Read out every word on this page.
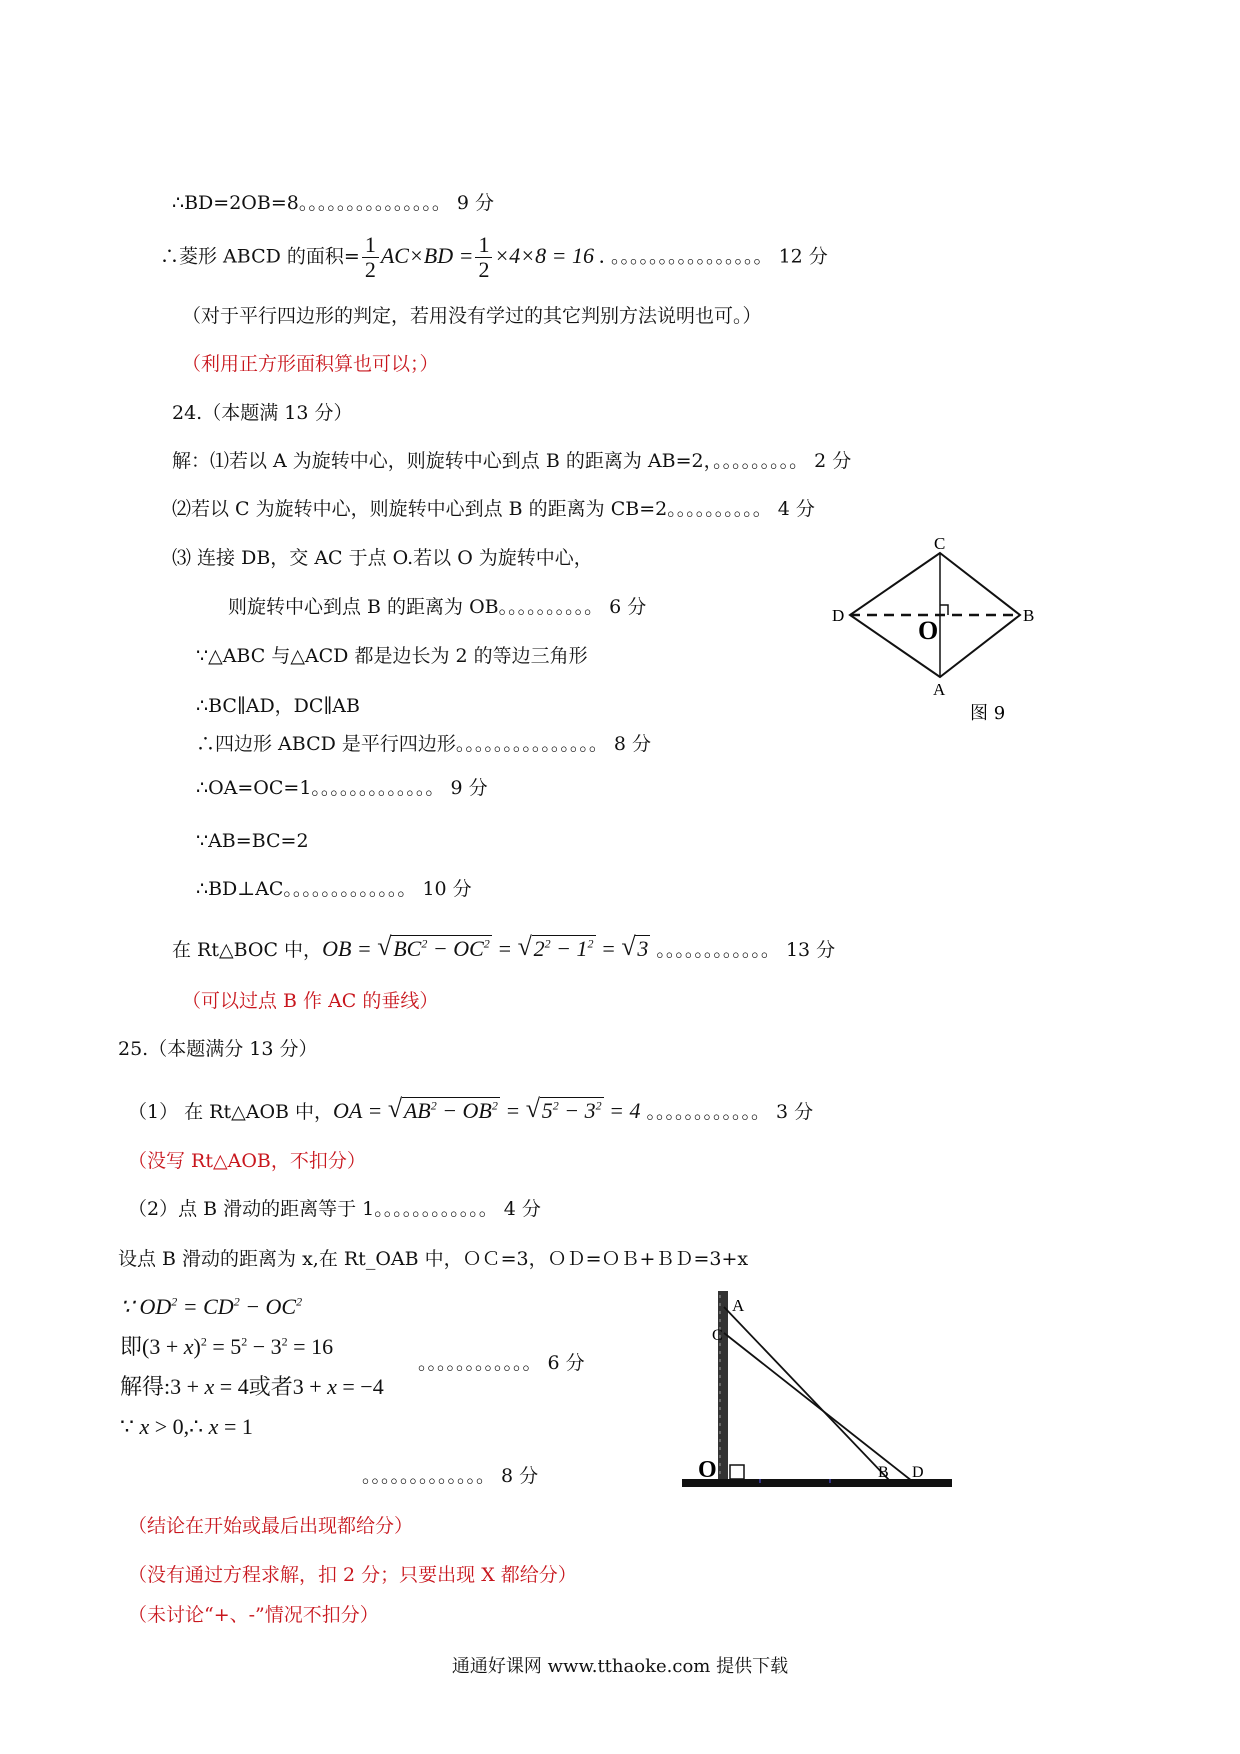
∴BD=2OB=8。。。。。。。。。。。。。。。 9 分
∴菱形 ABCD 的面积= $\frac{1}{2} AC\times BD = \frac{1}{2} \times 4\times 8 = 16$ . 。。。。。。。。。。。。。。。。 12 分
（对于平行四边形的判定，若用没有学过的其它判别方法说明也可。）
（利用正方形面积算也可以；）
24.（本题满 13 分）
解：⑴若以 A 为旋转中心，则旋转中心到点 B 的距离为 AB=2，。。。。。。。。。 2 分
⑵若以 C 为旋转中心，则旋转中心到点 B 的距离为 CB=2。。。。。。。。。。 4 分
⑶ 连接 DB，交 AC 于点 O.若以 O 为旋转中心，
则旋转中心到点 B 的距离为 OB。。。。。。。。。。 6 分
∵△ABC 与△ACD 都是边长为 2 的等边三角形
∴BC∥AD，DC∥AB
∴四边形 ABCD 是平行四边形。。。。。。。。。。。。。。。 8 分
∴OA=OC=1。。。。。。。。。。。。。 9 分
∵AB=BC=2
∴BD⊥AC。。。。。。。。。。。。。 10 分
在 Rt△BOC 中，OB = √ $BC^2 - OC^2$ = √ $2^2 - 1^2$ = √ 3 。。。。。。。。。。。。 13 分
（可以过点 B 作 AC 的垂线）
25.（本题满分 13 分）
（1） 在 Rt△AOB 中，OA = √ $AB^2 - OB^2$ = √ $5^2 - 3^2 = 4$ 。。。。。。。。。。。。 3 分
（没写 Rt△AOB，不扣分）
（2）点 B 滑动的距离等于 1。。。。。。。。。。。。 4 分
设点 B 滑动的距离为 x,在 Rt_OAB 中，ＯＣ=3，ＯＤ=ＯＢ+ＢＤ=3+x
∵ $OD^2 = CD^2 - OC^2$
即$(3 + x)^2 = 5^2 - 3^2 = 16$
解得:3 + x = 4或者3 + x = −4
∵ x > 0,∴ x = 1
。。。。。。。。。。。。 6 分
。。。。。。。。。。。。。 8 分
（结论在开始或最后出现都给分）
（没有通过方程求解，扣 2 分；只要出现 X 都给分）
（未讨论“+、-”情况不扣分）
C
D
O
B
A
图 9
A
C
O	B D
通通好课网 www.tthaoke.com 提供下载
